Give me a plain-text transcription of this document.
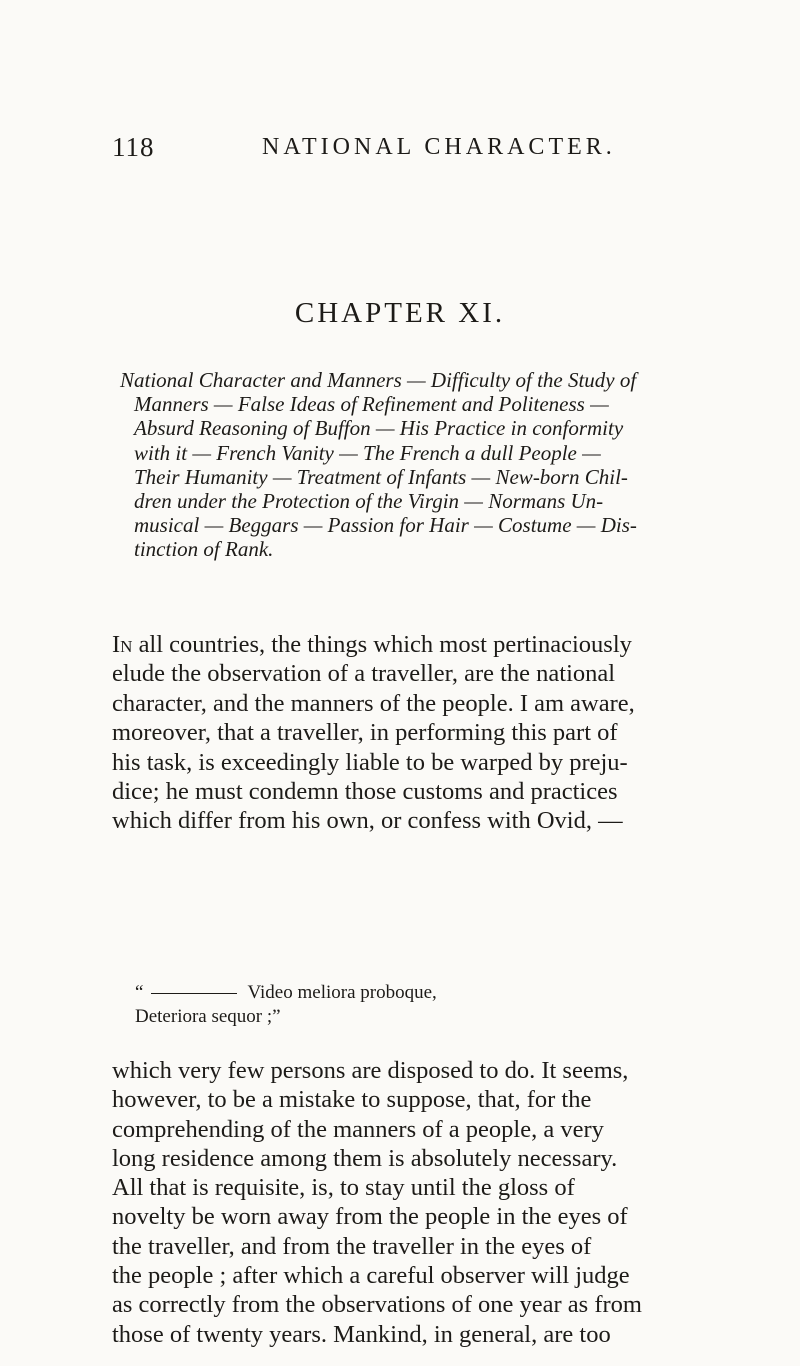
118	NATIONAL CHARACTER.
CHAPTER XI.
National Character and Manners — Difficulty of the Study of
Manners — False Ideas of Refinement and Politeness —
Absurd Reasoning of Buffon — His Practice in conformity
with it — French Vanity — The French a dull People —
Their Humanity — Treatment of Infants — New-born Chil-
dren under the Protection of the Virgin — Normans Un-
musical — Beggars — Passion for Hair — Costume — Dis-
tinction of Rank.
In all countries, the things which most pertinaciously
elude the observation of a traveller, are the national
character, and the manners of the people. I am aware,
moreover, that a traveller, in performing this part of
his task, is exceedingly liable to be warped by preju-
dice; he must condemn those customs and practices
which differ from his own, or confess with Ovid, —
“	Video meliora proboque,
Deteriora sequor ;”
which very few persons are disposed to do. It seems,
however, to be a mistake to suppose, that, for the
comprehending of the manners of a people, a very
long residence among them is absolutely necessary.
All that is requisite, is, to stay until the gloss of
novelty be worn away from the people in the eyes of
the traveller, and from the traveller in the eyes of
the people ; after which a careful observer will judge
as correctly from the observations of one year as from
those of twenty years. Mankind, in general, are too
